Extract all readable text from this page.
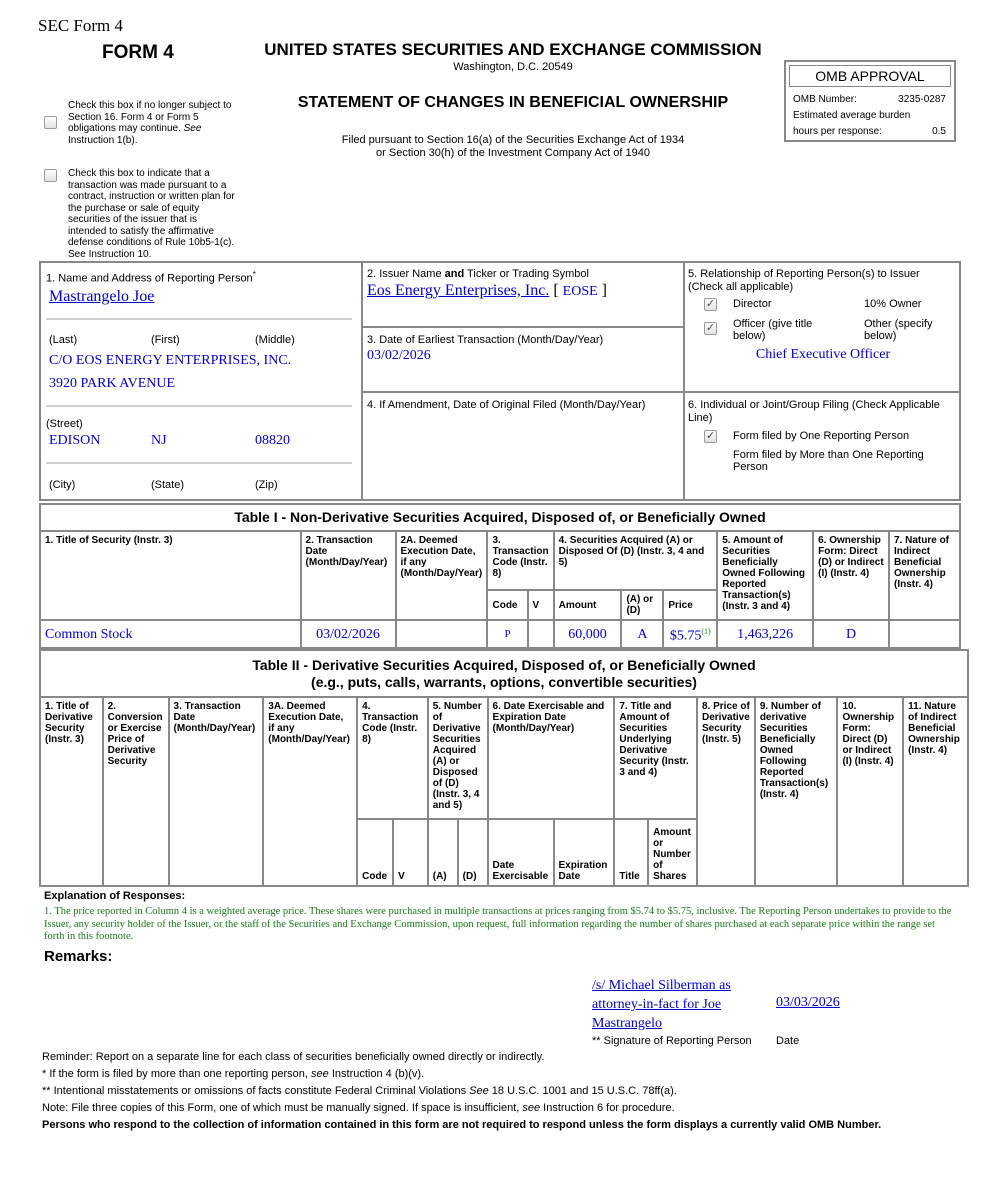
SEC Form 4
FORM 4	UNITED STATES SECURITIES AND EXCHANGE COMMISSION
Washington, D.C. 20549
STATEMENT OF CHANGES IN BENEFICIAL OWNERSHIP
Filed pursuant to Section 16(a) of the Securities Exchange Act of 1934
or Section 30(h) of the Investment Company Act of 1940
OMB APPROVAL
OMB Number:	3235-0287
Estimated average burden
hours per response:	0.5
Check this box if no longer subject to Section 16. Form 4 or Form 5 obligations may continue. See Instruction 1(b).
Check this box to indicate that a transaction was made pursuant to a contract, instruction or written plan for the purchase or sale of equity securities of the issuer that is intended to satisfy the affirmative defense conditions of Rule 10b5-1(c). See Instruction 10.
1. Name and Address of Reporting Person*
Mastrangelo Joe
(Last)	(First)	(Middle)
C/O EOS ENERGY ENTERPRISES, INC.
3920 PARK AVENUE
(Street)
EDISON	NJ	08820
(City)	(State)	(Zip)
2. Issuer Name and Ticker or Trading Symbol
Eos Energy Enterprises, Inc. [ EOSE ]
3. Date of Earliest Transaction (Month/Day/Year)
03/02/2026
4. If Amendment, Date of Original Filed (Month/Day/Year)
5. Relationship of Reporting Person(s) to Issuer
(Check all applicable)
✓ Director	10% Owner
✓ Officer (give title below)
Other (specify below)
Chief Executive Officer
6. Individual or Joint/Group Filing (Check Applicable Line)
✓ Form filed by One Reporting Person
Form filed by More than One Reporting Person
Table I - Non-Derivative Securities Acquired, Disposed of, or Beneficially Owned
1. Title of Security (Instr. 3)	2. Transaction Date (Month/Day/Year)	2A. Deemed Execution Date, if any (Month/Day/Year)	3. Transaction Code (Instr. 8)		4. Securities Acquired (A) or Disposed Of (D) (Instr. 3, 4 and 5)			5. Amount of Securities Beneficially Owned Following Reported Transaction(s) (Instr. 3 and 4)	6. Ownership Form: Direct (D) or Indirect (I) (Instr. 4)	7. Nature of Indirect Beneficial Ownership (Instr. 4)
			Code	V	Amount	(A) or (D)	Price			
Common Stock	03/02/2026		P		60,000	A	$5.75$^{(1)}$	1,463,226	D	
Table II - Derivative Securities Acquired, Disposed of, or Beneficially Owned
(e.g., puts, calls, warrants, options, convertible securities)
1. Title of Derivative Security (Instr. 3)	2. Conversion or Exercise Price of Derivative Security	3. Transaction Date (Month/Day/Year)	3A. Deemed Execution Date, if any (Month/Day/Year)	4. Transaction Code (Instr. 8)		5. Number of Derivative Securities Acquired (A) or Disposed of (D) (Instr. 3, 4 and 5)		6. Date Exercisable and Expiration Date (Month/Day/Year)		7. Title and Amount of Securities Underlying Derivative Security (Instr. 3 and 4)		8. Price of Derivative Security (Instr. 5)	9. Number of derivative Securities Beneficially Owned Following Reported Transaction(s) (Instr. 4)	10. Ownership Form: Direct (D) or Indirect (I) (Instr. 4)	11. Nature of Indirect Beneficial Ownership (Instr. 4)
				Code	V	(A)	(D)	Date Exercisable	Expiration Date	Title	Amount or Number of Shares				
Explanation of Responses:
1. The price reported in Column 4 is a weighted average price. These shares were purchased in multiple transactions at prices ranging from $5.74 to $5.75, inclusive. The Reporting Person undertakes to provide to the Issuer, any security holder of the Issuer, or the staff of the Securities and Exchange Commission, upon request, full information regarding the number of shares purchased at each separate price within the range set forth in this footnote.
Remarks:
/s/ Michael Silberman as attorney-in-fact for Joe Mastrangelo
03/03/2026
** Signature of Reporting Person Date
Reminder: Report on a separate line for each class of securities beneficially owned directly or indirectly.
* If the form is filed by more than one reporting person, see Instruction 4 (b)(v).
** Intentional misstatements or omissions of facts constitute Federal Criminal Violations See 18 U.S.C. 1001 and 15 U.S.C. 78ff(a).
Note: File three copies of this Form, one of which must be manually signed. If space is insufficient, see Instruction 6 for procedure.
Persons who respond to the collection of information contained in this form are not required to respond unless the form displays a currently valid OMB Number.
